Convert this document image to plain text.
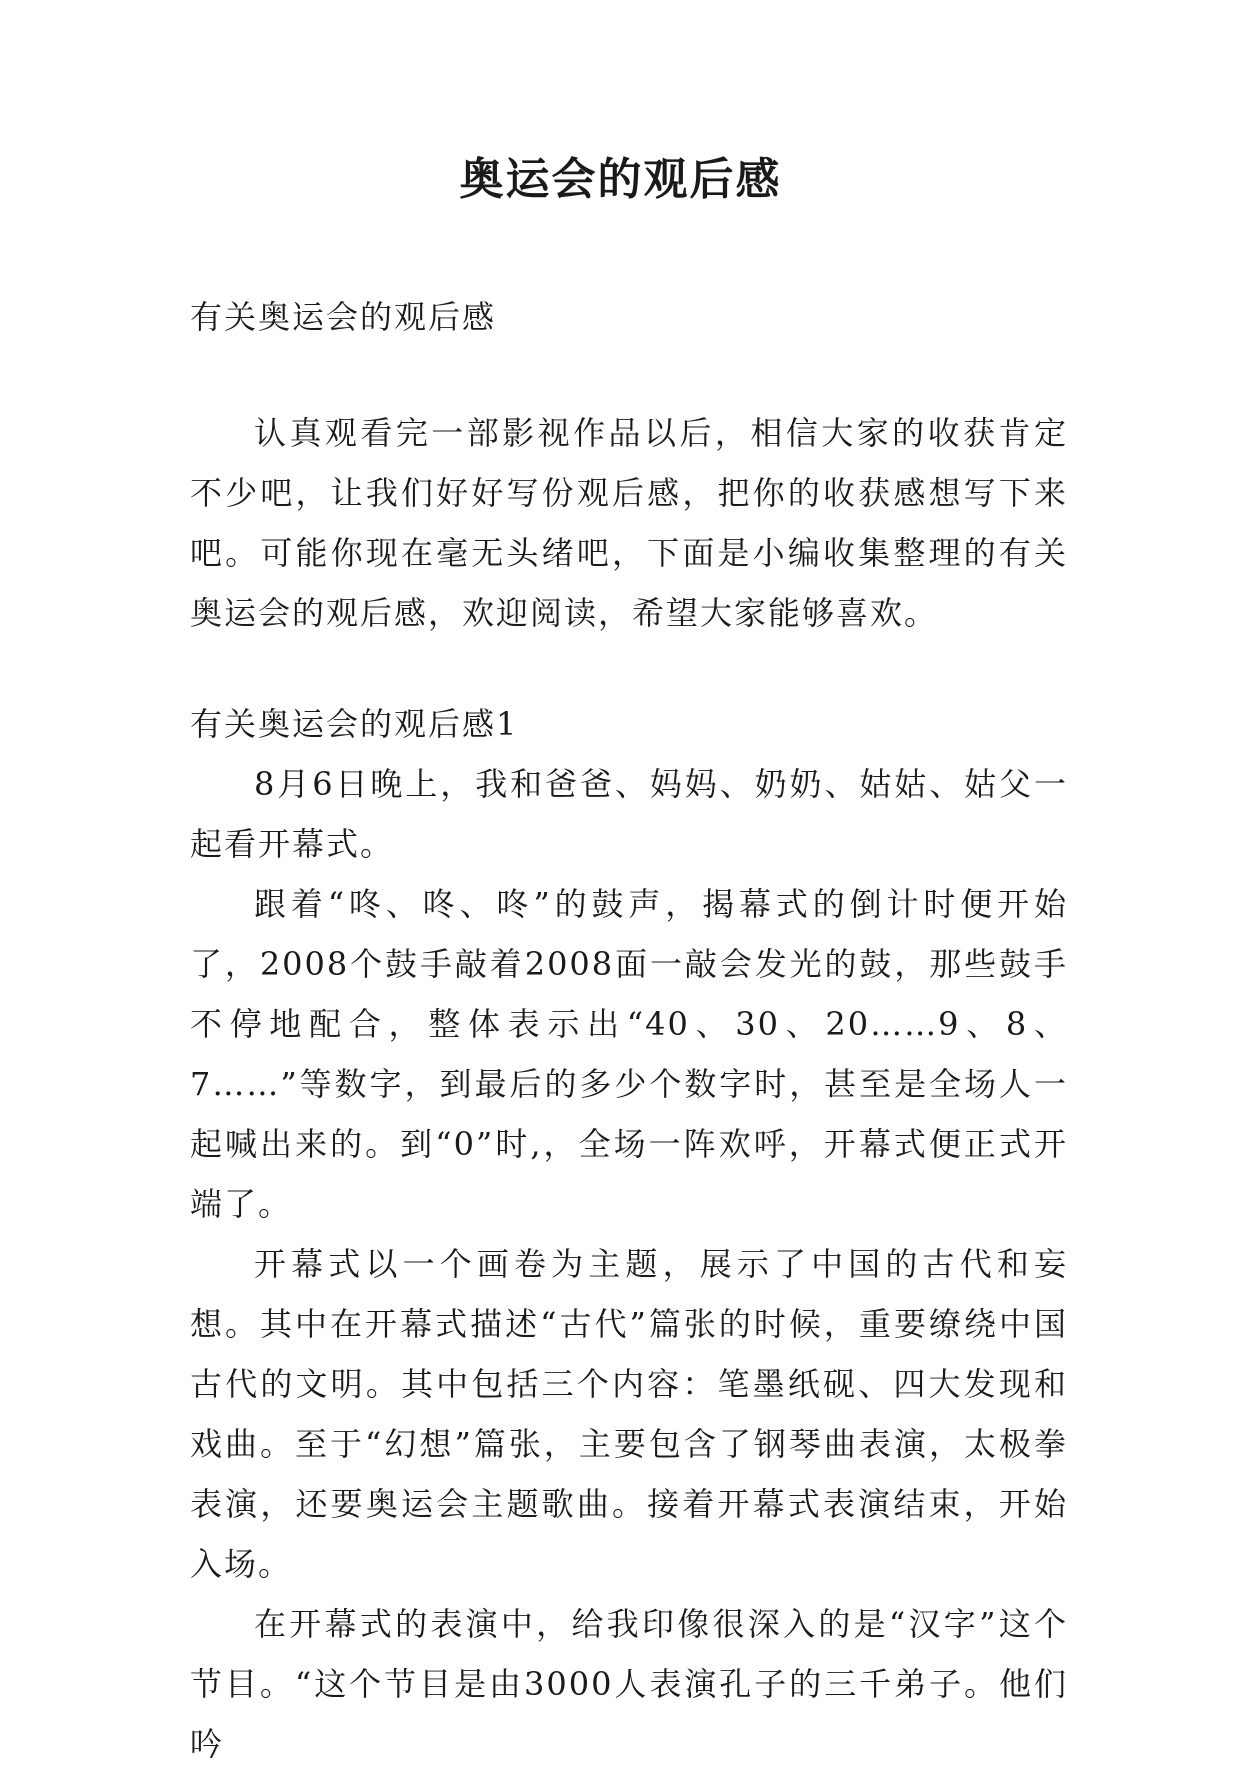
奥运会的观后感

有关奥运会的观后感

认真观看完一部影视作品以后，相信大家的收获肯定不少吧，让我们好好写份观后感，把你的收获感想写下来吧。可能你现在毫无头绪吧，下面是小编收集整理的有关奥运会的观后感，欢迎阅读，希望大家能够喜欢。

有关奥运会的观后感1

8月6日晚上，我和爸爸、妈妈、奶奶、姑姑、姑父一起看开幕式。

跟着“咚、咚、咚”的鼓声，揭幕式的倒计时便开始了，2008个鼓手敲着2008面一敲会发光的鼓，那些鼓手不停地配合，整体表示出“40、30、20……9、8、7……”等数字，到最后的多少个数字时，甚至是全场人一起喊出来的。到“0”时,，全场一阵欢呼，开幕式便正式开端了。

开幕式以一个画卷为主题，展示了中国的古代和妄想。其中在开幕式描述“古代”篇张的时候，重要缭绕中国古代的文明。其中包括三个内容：笔墨纸砚、四大发现和戏曲。至于“幻想”篇张，主要包含了钢琴曲表演，太极拳表演，还要奥运会主题歌曲。接着开幕式表演结束，开始入场。

在开幕式的表演中，给我印像很深入的是“汉字”这个节目。“这个节目是由3000人表演孔子的三千弟子。他们吟
